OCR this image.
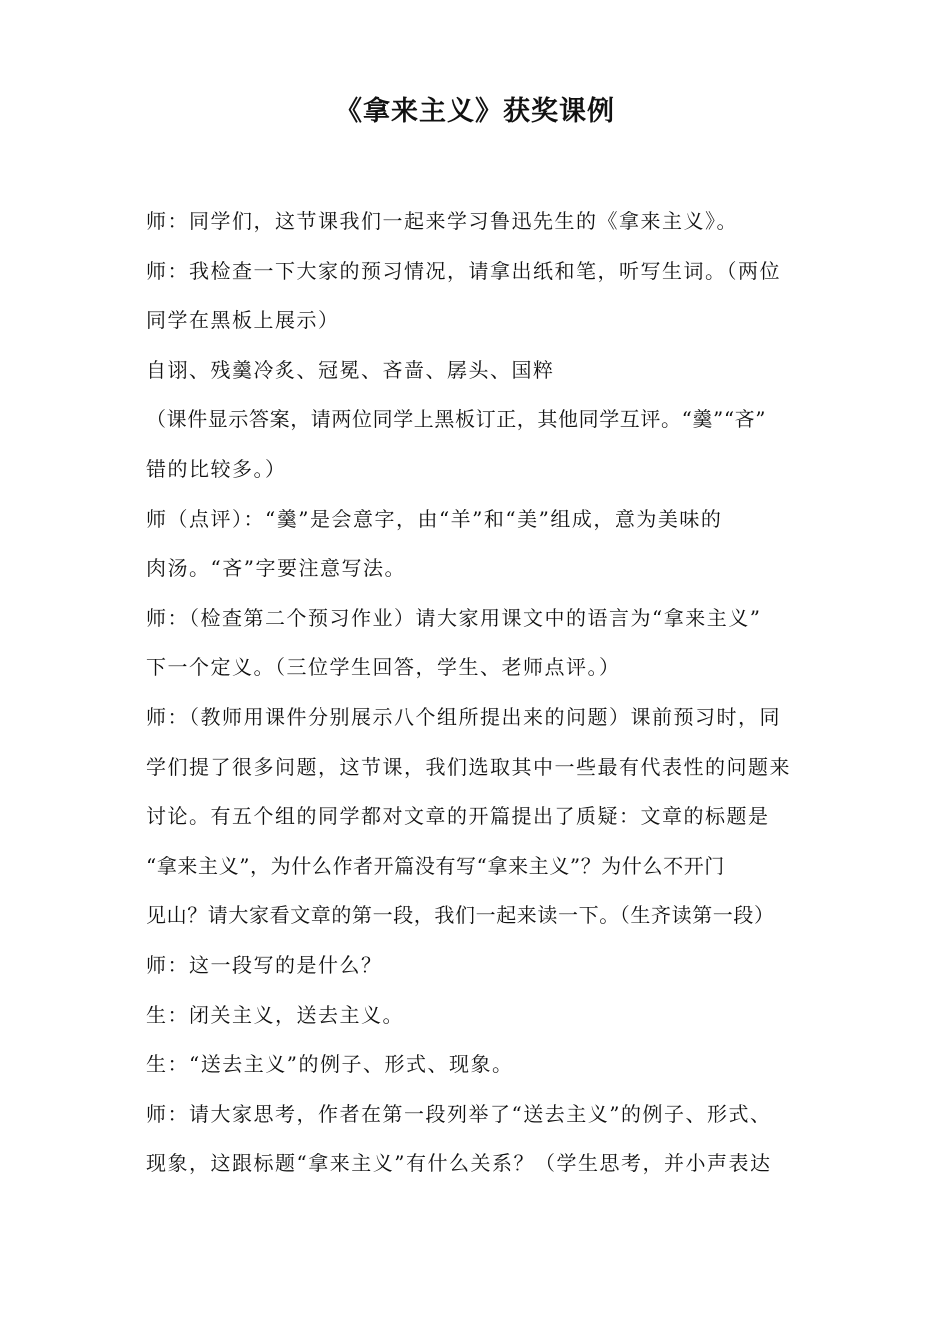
《拿来主义》获奖课例
师：同学们，这节课我们一起来学习鲁迅先生的《拿来主义》。
师：我检查一下大家的预习情况，请拿出纸和笔，听写生词。（两位
同学在黑板上展示）
自诩、残羹冷炙、冠冕、吝啬、孱头、国粹
（课件显示答案，请两位同学上黑板订正，其他同学互评。“羹”“吝”
错的比较多。）
师（点评）：“羹”是会意字，由“羊”和“美”组成，意为美味的
肉汤。“吝”字要注意写法。
师：（检查第二个预习作业）请大家用课文中的语言为“拿来主义”
下一个定义。（三位学生回答，学生、老师点评。）
师：（教师用课件分别展示八个组所提出来的问题）课前预习时，同
学们提了很多问题，这节课，我们选取其中一些最有代表性的问题来
讨论。有五个组的同学都对文章的开篇提出了质疑：文章的标题是
“拿来主义”，为什么作者开篇没有写“拿来主义”？为什么不开门
见山？请大家看文章的第一段，我们一起来读一下。（生齐读第一段）
师：这一段写的是什么？
生：闭关主义，送去主义。
生：“送去主义”的例子、形式、现象。
师：请大家思考，作者在第一段列举了“送去主义”的例子、形式、
现象，这跟标题“拿来主义”有什么关系？（学生思考，并小声表达
